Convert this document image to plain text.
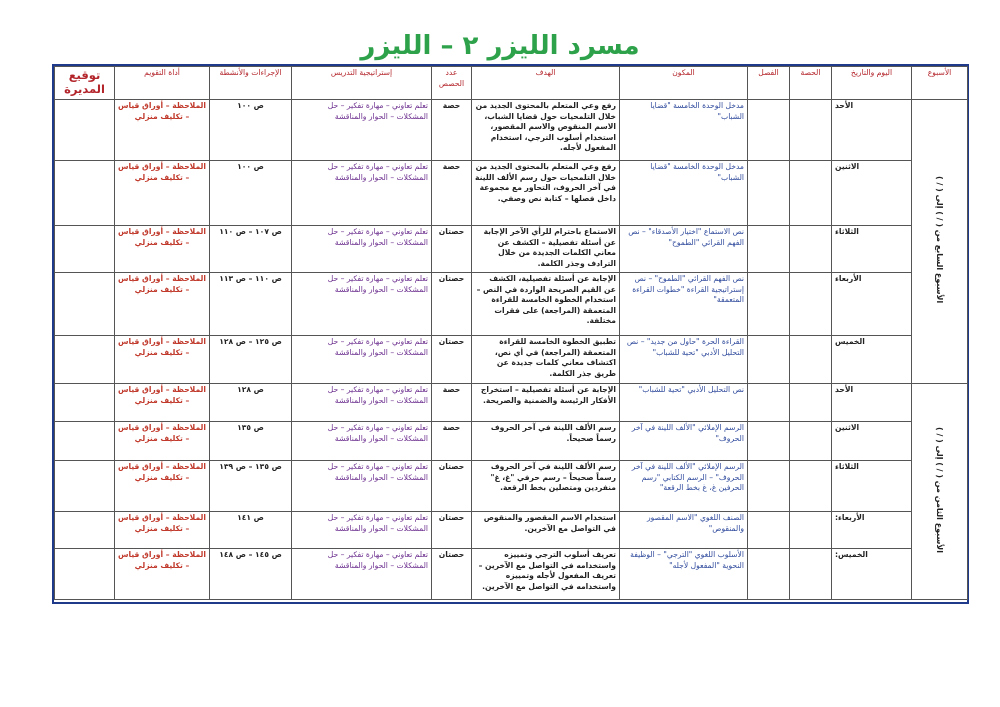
مسرد الليزر ٢ – الليزر
الأسبوع	اليوم والتاريخ	الحصة	الفصل	المكون	الهدف	عدد الحصص	إستراتيجية التدريس	الإجراءات والأنشطة	أداة التقويم	توقيع المديرة
الأسبوع السابع من ( / ) إلى ( / )	الأحد			مدخل الوحدة الخامسة "قضايا الشباب"	رفع وعي المتعلم بالمحتوى الجديد من خلال التلمحيات حول قضايا الشباب، الاسم المنقوص والاسم المقصور، استخدام أسلوب الترجي، استخدام المفعول لأجله.	حصة	تعلم تعاوني – مهارة تفكير – حل المشكلات – الحوار والمناقشة	ص ١٠٠	الملاحظة – أوراق قياس – تكليف منزلي	
	الاثنين			مدخل الوحدة الخامسة "قضايا الشباب"	رفع وعي المتعلم بالمحتوى الجديد من خلال التلمحيات حول رسم الألف اللينة في آخر الحروف، التحاور مع مجموعة داخل فصلها – كتابة نص وصفي.	حصة	تعلم تعاوني – مهارة تفكير – حل المشكلات – الحوار والمناقشة	ص ١٠٠	الملاحظة – أوراق قياس – تكليف منزلي	
	الثلاثاء			نص الاستماع "اختيار الأصدقاء" – نص الفهم القرائي "الطموح"	الاستماع باحترام للرأي الآخر الإجابة عن أسئلة تفصيلية – الكشف عن معاني الكلمات الجديدة من خلال الترادف وجذر الكلمة.	حصتان	تعلم تعاوني – مهارة تفكير – حل المشكلات – الحوار والمناقشة	ص ١٠٧ – ص ١١٠	الملاحظة – أوراق قياس – تكليف منزلي	
	الأربعاء			نص الفهم القرائي "الطموح" – نص إستراتيجية القراءة "خطوات القراءة المتعمقة"	الإجابة عن أسئلة تفصيلية، الكشف عن القيم الصريحة الواردة في النص – استخدام الخطوة الخامسة للقراءة المتعمقة (المراجعة) على فقرات مختلفة.	حصتان	تعلم تعاوني – مهارة تفكير – حل المشكلات – الحوار والمناقشة	ص ١١٠ – ص ١١٣	الملاحظة – أوراق قياس – تكليف منزلي	
	الخميس			القراءة الحرة "حاول من جديد" – نص التحليل الأدبي "تحية للشباب"	تطبيق الخطوة الخامسة للقراءة المتعمقة (المراجعة) في أي نص، اكتشاف معاني كلمات جديدة عن طريق جذر الكلمة.	حصتان	تعلم تعاوني – مهارة تفكير – حل المشكلات – الحوار والمناقشة	ص ١٢٥ – ص ١٢٨	الملاحظة – أوراق قياس – تكليف منزلي	
الأسبوع الثامن من ( / ) إلى ( / )	الأحد			نص التحليل الأدبي "تحية للشباب"	الإجابة عن أسئلة تفصيلية – استخراج الأفكار الرئيسة والضمنية والصريحة.	حصة	تعلم تعاوني – مهارة تفكير – حل المشكلات – الحوار والمناقشة	ص ١٢٨	الملاحظة – أوراق قياس – تكليف منزلي	
	الاثنين			الرسم الإملائي "الألف اللينة في آخر الحروف"	رسم الألف اللينة في آخر الحروف رسماً صحيحاً.	حصة	تعلم تعاوني – مهارة تفكير – حل المشكلات – الحوار والمناقشة	ص ١٣٥	الملاحظة – أوراق قياس – تكليف منزلي	
	الثلاثاء			الرسم الإملائي "الألف اللينة في آخر الحروف" – الرسم الكتابي "رسم الحرفين غ، غ بخط الرقعة"	رسم الألف اللينة في آخر الحروف رسماً صحيحاً – رسم حرفي "غ، غ" منفردين ومتصلين بخط الرقعة.	حصتان	تعلم تعاوني – مهارة تفكير – حل المشكلات – الحوار والمناقشة	ص ١٣٥ – ص ١٣٩	الملاحظة – أوراق قياس – تكليف منزلي	
	الأربعاء:			الصنف اللغوي "الاسم المقصور والمنقوص"	استخدام الاسم المقصور والمنقوص في التواصل مع الآخرين.	حصتان	تعلم تعاوني – مهارة تفكير – حل المشكلات – الحوار والمناقشة	ص ١٤١	الملاحظة – أوراق قياس – تكليف منزلي	
	الخميس:			الأسلوب اللغوي "الترجي" – الوظيفة النحوية "المفعول لأجله"	تعريف أسلوب الترجي وتمييزه واستخدامه في التواصل مع الآخرين – تعريف المفعول لأجله وتمييزه واستخدامه في التواصل مع الآخرين.	حصتان	تعلم تعاوني – مهارة تفكير – حل المشكلات – الحوار والمناقشة	ص ١٤٥ – ص ١٤٨	الملاحظة – أوراق قياس – تكليف منزلي	
